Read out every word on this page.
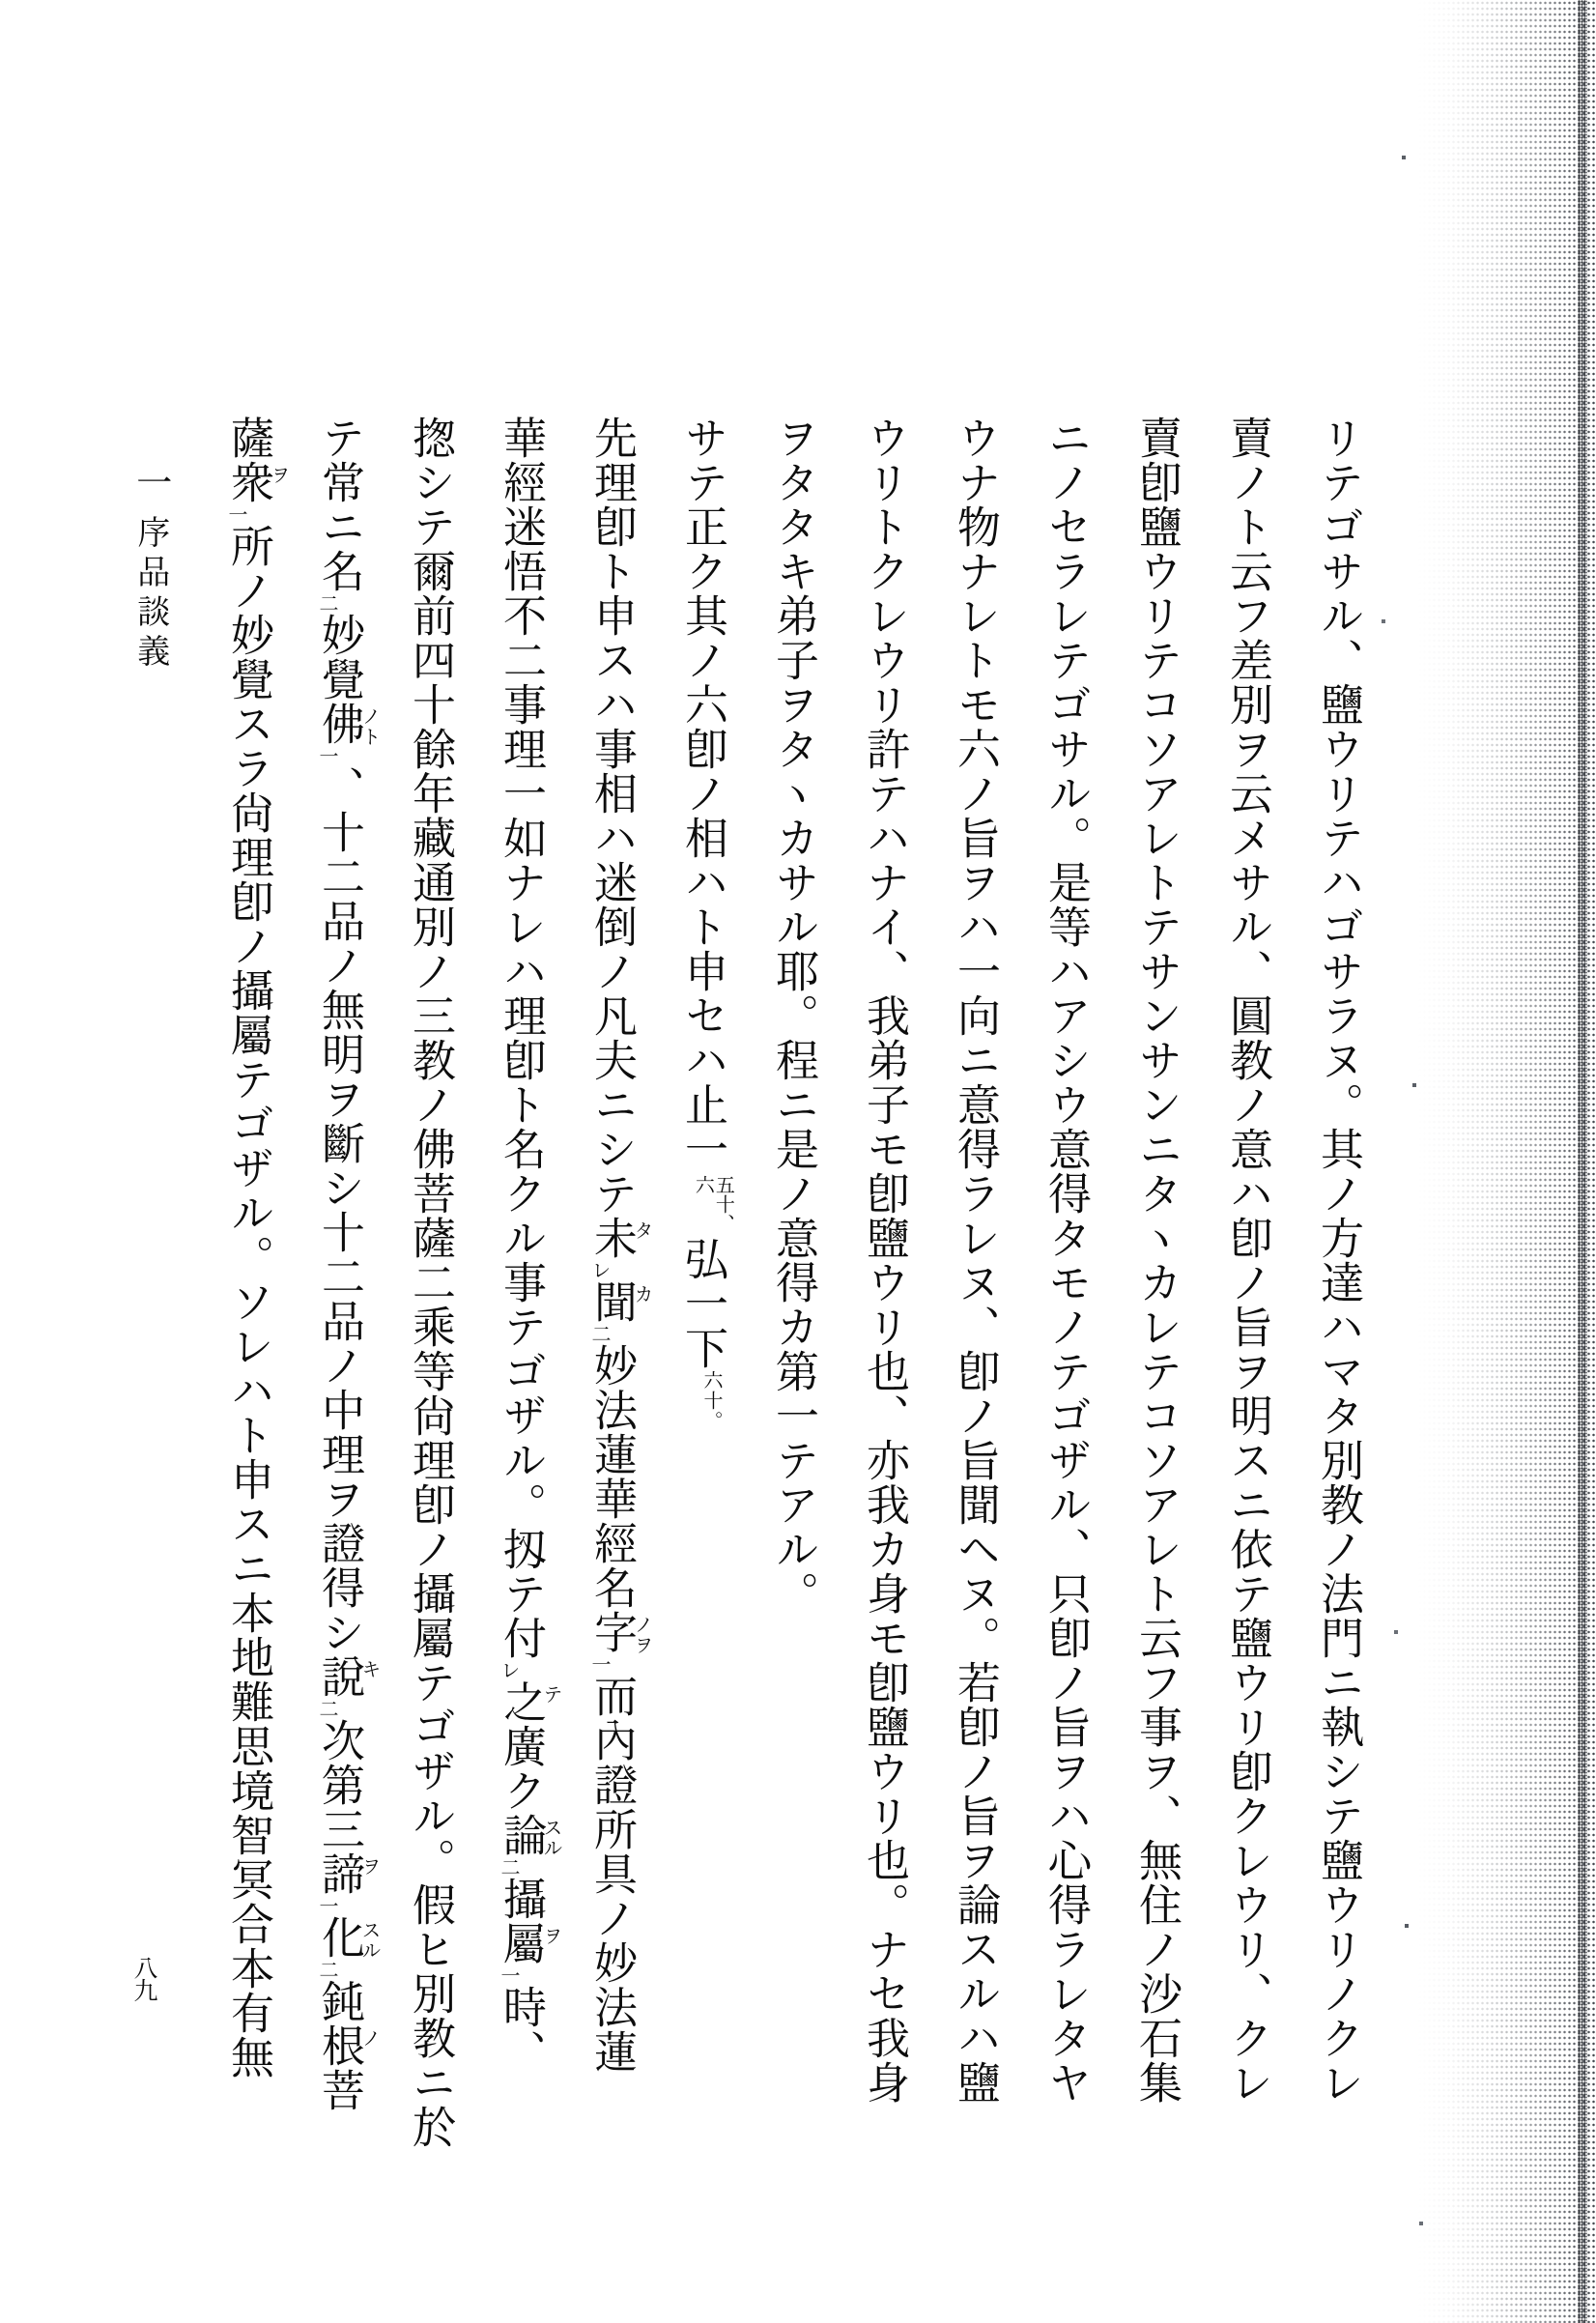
一序品談義	リテゴサル、鹽ウリテハゴサラヌ。其ノ方達ハマタ別教ノ法門ニ執シテ鹽ウリノクレ
賣ノト云フ差別ヲ云メサル、圓教ノ意ハ卽ノ旨ヲ明スニ依テ鹽ウリ卽クレウリ、クレ
賣卽鹽ウリテコソアレトテサンサンニタヽカレテコソアレト云フ事ヲ、無住ノ沙石集
ニノセラレテゴサル。是等ハアシウ意得タモノテゴザル、只卽ノ旨ヲハ心得ラレタヤ
ウナ物ナレトモ六ノ旨ヲハ一向ニ意得ラレヌ、卽ノ旨聞ヘヌ。若卽ノ旨ヲ論スルハ鹽
ウリトクレウリ許テハナイ、我弟子モ卽鹽ウリ也、亦我カ身モ卽鹽ウリ也。ナセ我身
ヲタタキ弟子ヲタヽカサル耶。程ニ是ノ意得カ第一テアル。
サテ正ク其ノ六卽ノ相ハト申セハ止一
五十、
六
弘一下六十。
先理卽ト申スハ事相ハ迷倒ノ凡夫ニシテ未
タ
レ聞
カ
二妙法蓮華經名字
ノヲ
一而內證所具ノ妙法蓮
華經迷悟不二事理一如ナレハ理卽ト名クル事テゴザル。扨テ付レ之
テ
廣ク論
スル
二攝屬
ヲ
一時、
揔シテ爾前四十餘年藏通別ノ三教ノ佛菩薩二乘等尙理卽ノ攝屬テゴザル。假ヒ別教ニ於
テ常ニ名二妙覺佛
ノト
一、十二品ノ無明ヲ斷シ十二品ノ中理ヲ證得シ說
キ
二次第三諦
ヲ
一化
スル
二鈍根
ノ
菩
薩衆
ヲ
一所ノ妙覺スラ尙理卽ノ攝屬テゴザル。ソレハト申スニ本地難思境智冥合本有無
八九
